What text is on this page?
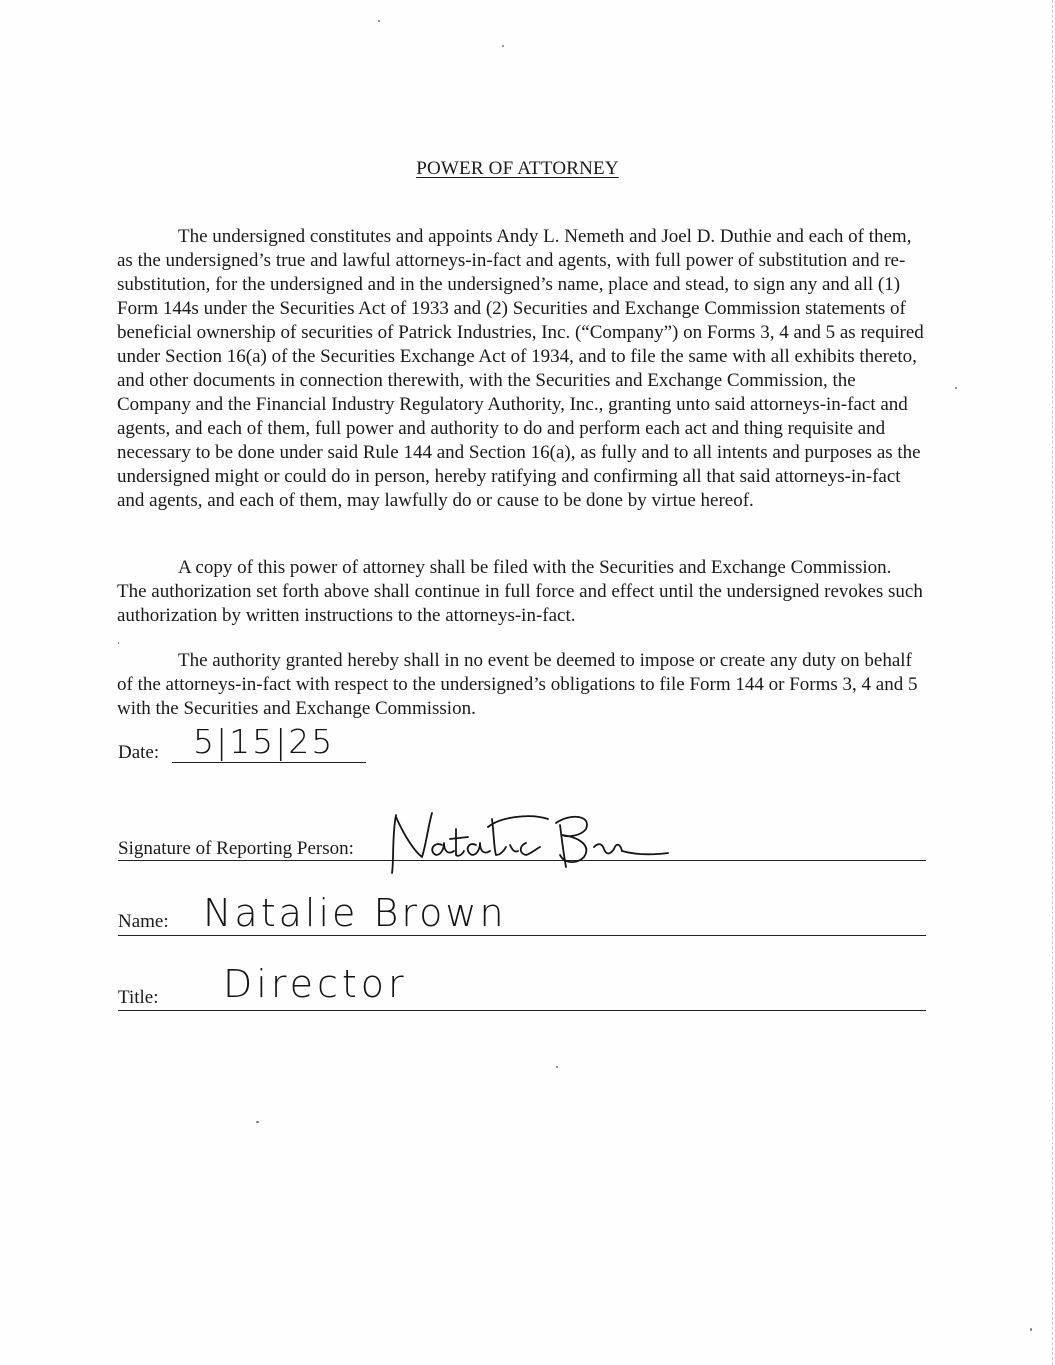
POWER OF ATTORNEY

The undersigned constitutes and appoints Andy L. Nemeth and Joel D. Duthie and each of them, as the undersigned’s true and lawful attorneys-in-fact and agents, with full power of substitution and re-substitution, for the undersigned and in the undersigned’s name, place and stead, to sign any and all (1) Form 144s under the Securities Act of 1933 and (2) Securities and Exchange Commission statements of beneficial ownership of securities of Patrick Industries, Inc. (“Company”) on Forms 3, 4 and 5 as required under Section 16(a) of the Securities Exchange Act of 1934, and to file the same with all exhibits thereto, and other documents in connection therewith, with the Securities and Exchange Commission, the Company and the Financial Industry Regulatory Authority, Inc., granting unto said attorneys-in-fact and agents, and each of them, full power and authority to do and perform each act and thing requisite and necessary to be done under said Rule 144 and Section 16(a), as fully and to all intents and purposes as the undersigned might or could do in person, hereby ratifying and confirming all that said attorneys-in-fact and agents, and each of them, may lawfully do or cause to be done by virtue hereof.

A copy of this power of attorney shall be filed with the Securities and Exchange Commission. The authorization set forth above shall continue in full force and effect until the undersigned revokes such authorization by written instructions to the attorneys-in-fact.

The authority granted hereby shall in no event be deemed to impose or create any duty on behalf of the attorneys-in-fact with respect to the undersigned’s obligations to file Form 144 or Forms 3, 4 and 5 with the Securities and Exchange Commission.

Date: 5|15|25
Signature of Reporting Person:
Name: Natalie Brown
Title: Director
